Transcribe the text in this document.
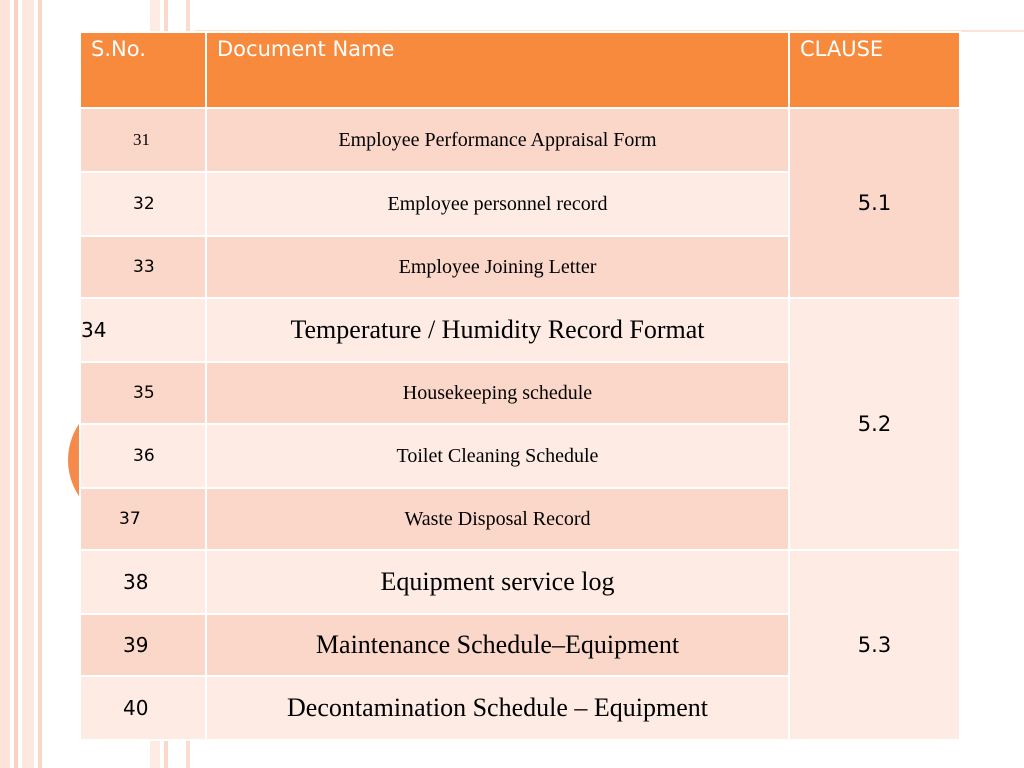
S.No.	Document Name	CLAUSE
31	Employee Performance Appraisal Form	5.1
32	Employee personnel record	
33	Employee Joining Letter	
34	Temperature / Humidity Record Format	5.2
35	Housekeeping schedule	
36	Toilet Cleaning Schedule	
37	Waste Disposal Record	
38	Equipment service log	5.3
39	Maintenance Schedule–Equipment	
40	Decontamination Schedule – Equipment	
